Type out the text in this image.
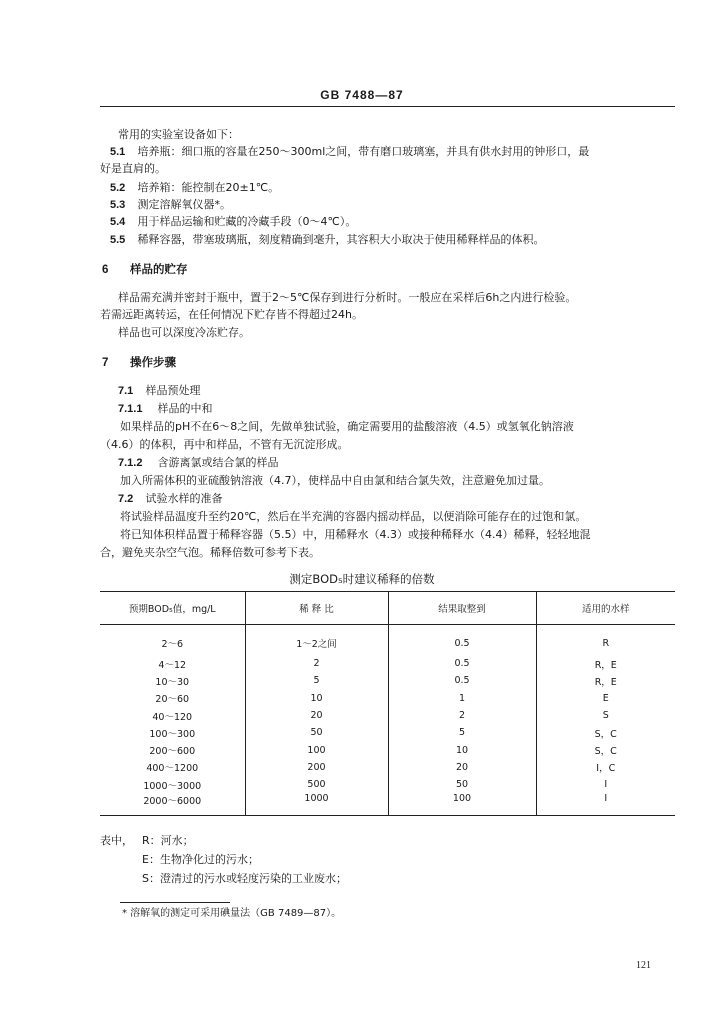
GB 7488—87
常用的实验室设备如下：
5.1 培养瓶：细口瓶的容量在250～300ml之间，带有磨口玻璃塞，并具有供水封用的钟形口，最
好是直肩的。
5.2 培养箱：能控制在20±1℃。
5.3 测定溶解氧仪器*。
5.4 用于样品运输和贮藏的冷藏手段（0～4℃）。
5.5 稀释容器，带塞玻璃瓶，刻度精确到毫升，其容积大小取决于使用稀释样品的体积。
6 样品的贮存
样品需充满并密封于瓶中，置于2～5℃保存到进行分析时。一般应在采样后6h之内进行检验。
若需远距离转运，在任何情况下贮存皆不得超过24h。
样品也可以深度冷冻贮存。
7 操作步骤
7.1 样品预处理
7.1.1 样品的中和
如果样品的pH不在6～8之间，先做单独试验，确定需要用的盐酸溶液（4.5）或氢氧化钠溶液
（4.6）的体积，再中和样品，不管有无沉淀形成。
7.1.2 含游离氯或结合氯的样品
加入所需体积的亚硫酸钠溶液（4.7），使样品中自由氯和结合氯失效，注意避免加过量。
7.2 试验水样的准备
将试验样品温度升至约20℃，然后在半充满的容器内摇动样品，以便消除可能存在的过饱和氯。
将已知体积样品置于稀释容器（5.5）中，用稀释水（4.3）或接种稀释水（4.4）稀释，轻轻地混
合，避免夹杂空气泡。稀释倍数可参考下表。
测定BOD₅时建议稀释的倍数
预期BOD₅值，mg/L	稀 释 比	结果取整到	适用的水样
2～6	1～2之间	0.5	R
4～12	2	0.5	R，E
10～30	5	0.5	R，E
20～60	10	1	E
40～120	20	2	S
100～300	50	5	S，C
200～600	100	10	S，C
400～1200	200	20	I，C
1000～3000	500	50	I
2000～6000	1000	100	I
表中， R：河水；
E：生物净化过的污水；
S：澄清过的污水或轻度污染的工业废水；
* 溶解氧的测定可采用碘量法（GB 7489—87）。
121
